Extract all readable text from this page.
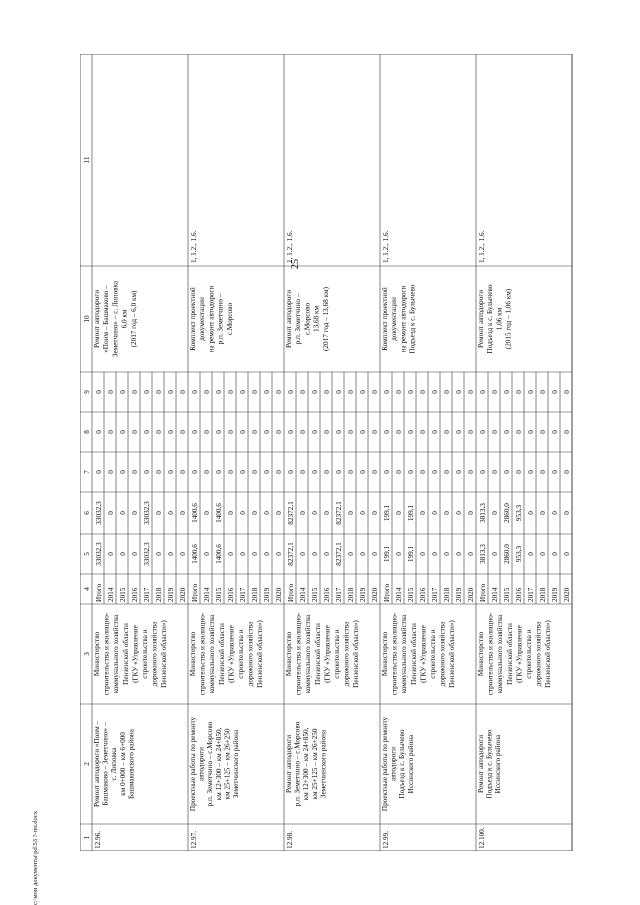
25
1
2
3
4
5
6
7
8
9
10
11
12.96.
Ремонт автодороги «Поим – Башмаково – Земетчино» – с. Липовка км 0+000 – км 6+000 Башмаковского района
Министерство строительства и жилищно- коммунального хозяйства Пензенской области (ГКУ «Управление строительства и дорожного хозяйства Пензенской области»)
Итого 2014 2015 2016 2017 2018 2019 2020
33032,3 0 0 0 33032,3 0 0 0
33032,3 0 0 0 33032,3 0 0 0
0 0 0 0 0 0 0 0
0 0 0 0 0 0 0 0
0 0 0 0 0 0 0 0
Ремонт автодороги «Поим – Башмаково – Земетчино» – с. Липовка 6,0 км (2017 год – 6,0 км)
12.97.
Проектные работы по ремонту автодороги р.п. Земетчино – с.Морсово км 12+300 – км 24+850, км 25+125 – км 26+250 Земетчинского района
Министерство строительства и жилищно- коммунального хозяйства Пензенской области (ГКУ «Управление строительства и дорожного хозяйства Пензенской области»)
Итого 2014 2015 2016 2017 2018 2019 2020
1400,6 0 1400,6 0 0 0 0 0
1400,6 0 1400,6 0 0 0 0 0
0 0 0 0 0 0 0 0
0 0 0 0 0 0 0 0
0 0 0 0 0 0 0 0
Комплект проектной документации на ремонт автодороги р.п. Земетчино – с.Морсово
1, 1.2., 1.6.
12.98.
Ремонт автодороги р.п. Земетчино – с.Морсово км 12+300 – км 24+850, км 25+125 – км 26+250 Земетчинского района
Министерство строительства и жилищно- коммунального хозяйства Пензенской области (ГКУ «Управление строительства и дорожного хозяйства Пензенской области»)
Итого 2014 2015 2016 2017 2018 2019 2020
82372,1 0 0 0 82372,1 0 0 0
82372,1 0 0 0 82372,1 0 0 0
0 0 0 0 0 0 0 0
0 0 0 0 0 0 0 0
0 0 0 0 0 0 0 0
Ремонт автодороги р.п. Земетчино – с.Морсово 13,68 км (2017 год – 13,68 км)
1, 1.2., 1.6.
12.99.
Проектные работы по ремонту автодороги Подъезд к с. Булычево Иссинского района
Министерство строительства и жилищно- коммунального хозяйства Пензенской области (ГКУ «Управление строительства и дорожного хозяйства Пензенской области»)
Итого 2014 2015 2016 2017 2018 2019 2020
199,1 0 199,1 0 0 0 0 0
199,1 0 199,1 0 0 0 0 0
0 0 0 0 0 0 0 0
0 0 0 0 0 0 0 0
0 0 0 0 0 0 0 0
Комплект проектной документации на ремонт автодороги Подъезд к с. Булычево
1, 1.2., 1.6.
12.100.
Ремонт автодороги Подъезд к с. Булычево Иссинского района
Министерство строительства и жилищно- коммунального хозяйства Пензенской области (ГКУ «Управление строительства и дорожного хозяйства Пензенской области»)
Итого 2014 2015 2016 2017 2018 2019 2020
3813,3 0 2860,0 953,3 0 0 0 0
3813,3 0 2860,0 953,3 0 0 0 0
0 0 0 0 0 0 0 0
0 0 0 0 0 0 0 0
0 0 0 0 0 0 0 0
Ремонт автодороги Подъезд к с. Булычево 1,06 км (2015 год – 1,06 км)
1, 1.2., 1.6.
c:\мои документы\pd\53 ?-пп.docx
